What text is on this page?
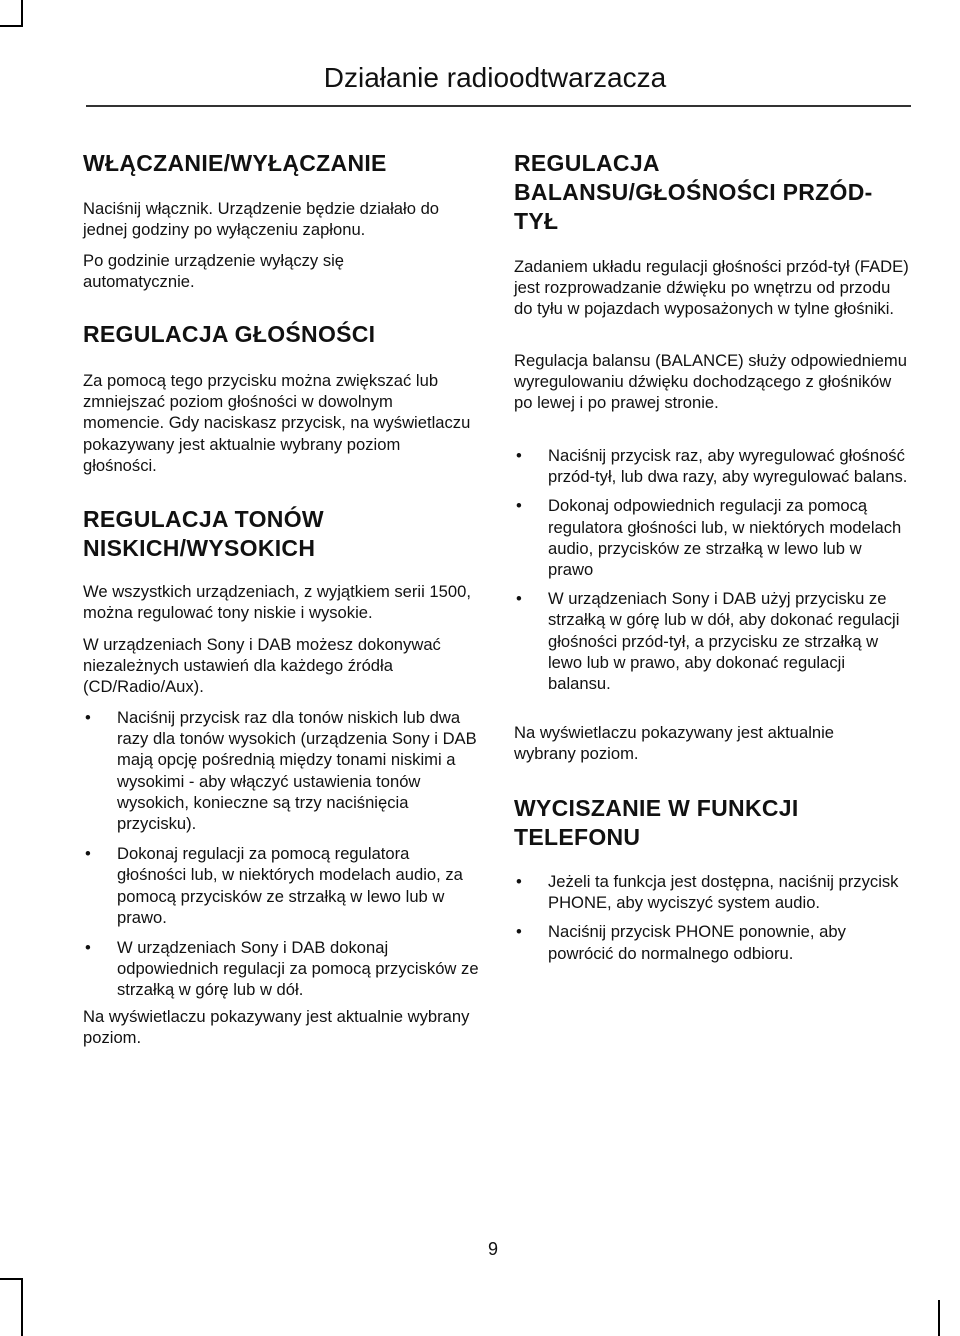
Działanie radioodtwarzacza
WŁĄCZANIE/WYŁĄCZANIE

Naciśnij włącznik. Urządzenie będzie działało do jednej godziny po wyłączeniu zapłonu.

Po godzinie urządzenie wyłączy się automatycznie.

REGULACJA GŁOŚNOŚCI

Za pomocą tego przycisku można zwiększać lub zmniejszać poziom głośności w dowolnym momencie. Gdy naciskasz przycisk, na wyświetlaczu pokazywany jest aktualnie wybrany poziom głośności.

REGULACJA TONÓW NISKICH/WYSOKICH

We wszystkich urządzeniach, z wyjątkiem serii 1500, można regulować tony niskie i wysokie.

W urządzeniach Sony i DAB możesz dokonywać niezależnych ustawień dla każdego źródła (CD/Radio/Aux).

• Naciśnij przycisk raz dla tonów niskich lub dwa razy dla tonów wysokich (urządzenia Sony i DAB mają opcję pośrednią między tonami niskimi a wysokimi - aby włączyć ustawienia tonów wysokich, konieczne są trzy naciśnięcia przycisku).
• Dokonaj regulacji za pomocą regulatora głośności lub, w niektórych modelach audio, za pomocą przycisków ze strzałką w lewo lub w prawo.
• W urządzeniach Sony i DAB dokonaj odpowiednich regulacji za pomocą przycisków ze strzałką w górę lub w dół.

Na wyświetlaczu pokazywany jest aktualnie wybrany poziom.

REGULACJA BALANSU/GŁOŚNOŚCI PRZÓD-TYŁ

Zadaniem układu regulacji głośności przód-tył (FADE) jest rozprowadzanie dźwięku po wnętrzu od przodu do tyłu w pojazdach wyposażonych w tylne głośniki.

Regulacja balansu (BALANCE) służy odpowiedniemu wyregulowaniu dźwięku dochodzącego z głośników po lewej i po prawej stronie.

• Naciśnij przycisk raz, aby wyregulować głośność przód-tył, lub dwa razy, aby wyregulować balans.
• Dokonaj odpowiednich regulacji za pomocą regulatora głośności lub, w niektórych modelach audio, przycisków ze strzałką w lewo lub w prawo
• W urządzeniach Sony i DAB użyj przycisku ze strzałką w górę lub w dół, aby dokonać regulacji głośności przód-tył, a przycisku ze strzałką w lewo lub w prawo, aby dokonać regulacji balansu.

Na wyświetlaczu pokazywany jest aktualnie wybrany poziom.

WYCISZANIE W FUNKCJI TELEFONU
• Jeżeli ta funkcja jest dostępna, naciśnij przycisk PHONE, aby wyciszyć system audio.
• Naciśnij przycisk PHONE ponownie, aby powrócić do normalnego odbioru.

9
